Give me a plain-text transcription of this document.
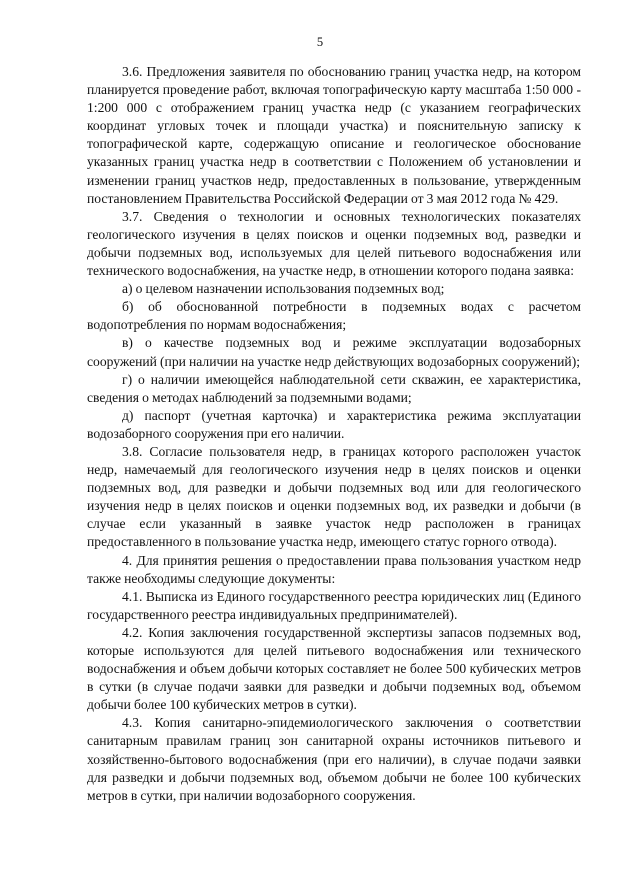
5

3.6. Предложения заявителя по обоснованию границ участка недр, на котором планируется проведение работ, включая топографическую карту масштаба 1:50 000 - 1:200 000 с отображением границ участка недр (с указанием географических координат угловых точек и площади участка) и пояснительную записку к топографической карте, содержащую описание и геологическое обоснование указанных границ участка недр в соответствии с Положением об установлении и изменении границ участков недр, предоставленных в пользование, утвержденным постановлением Правительства Российской Федерации от 3 мая 2012 года № 429.

3.7. Сведения о технологии и основных технологических показателях геологического изучения в целях поисков и оценки подземных вод, разведки и добычи подземных вод, используемых для целей питьевого водоснабжения или технического водоснабжения, на участке недр, в отношении которого подана заявка:

а) о целевом назначении использования подземных вод;

б) об обоснованной потребности в подземных водах с расчетом водопотребления по нормам водоснабжения;

в) о качестве подземных вод и режиме эксплуатации водозаборных сооружений (при наличии на участке недр действующих водозаборных сооружений);

г) о наличии имеющейся наблюдательной сети скважин, ее характеристика, сведения о методах наблюдений за подземными водами;

д) паспорт (учетная карточка) и характеристика режима эксплуатации водозаборного сооружения при его наличии.

3.8. Согласие пользователя недр, в границах которого расположен участок недр, намечаемый для геологического изучения недр в целях поисков и оценки подземных вод, для разведки и добычи подземных вод или для геологического изучения недр в целях поисков и оценки подземных вод, их разведки и добычи (в случае если указанный в заявке участок недр расположен в границах предоставленного в пользование участка недр, имеющего статус горного отвода).

4. Для принятия решения о предоставлении права пользования участком недр также необходимы следующие документы:

4.1. Выписка из Единого государственного реестра юридических лиц (Единого государственного реестра индивидуальных предпринимателей).

4.2. Копия заключения государственной экспертизы запасов подземных вод, которые используются для целей питьевого водоснабжения или технического водоснабжения и объем добычи которых составляет не более 500 кубических метров в сутки (в случае подачи заявки для разведки и добычи подземных вод, объемом добычи более 100 кубических метров в сутки).

4.3. Копия санитарно-эпидемиологического заключения о соответствии санитарным правилам границ зон санитарной охраны источников питьевого и хозяйственно-бытового водоснабжения (при его наличии), в случае подачи заявки для разведки и добычи подземных вод, объемом добычи не более 100 кубических метров в сутки, при наличии водозаборного сооружения.
